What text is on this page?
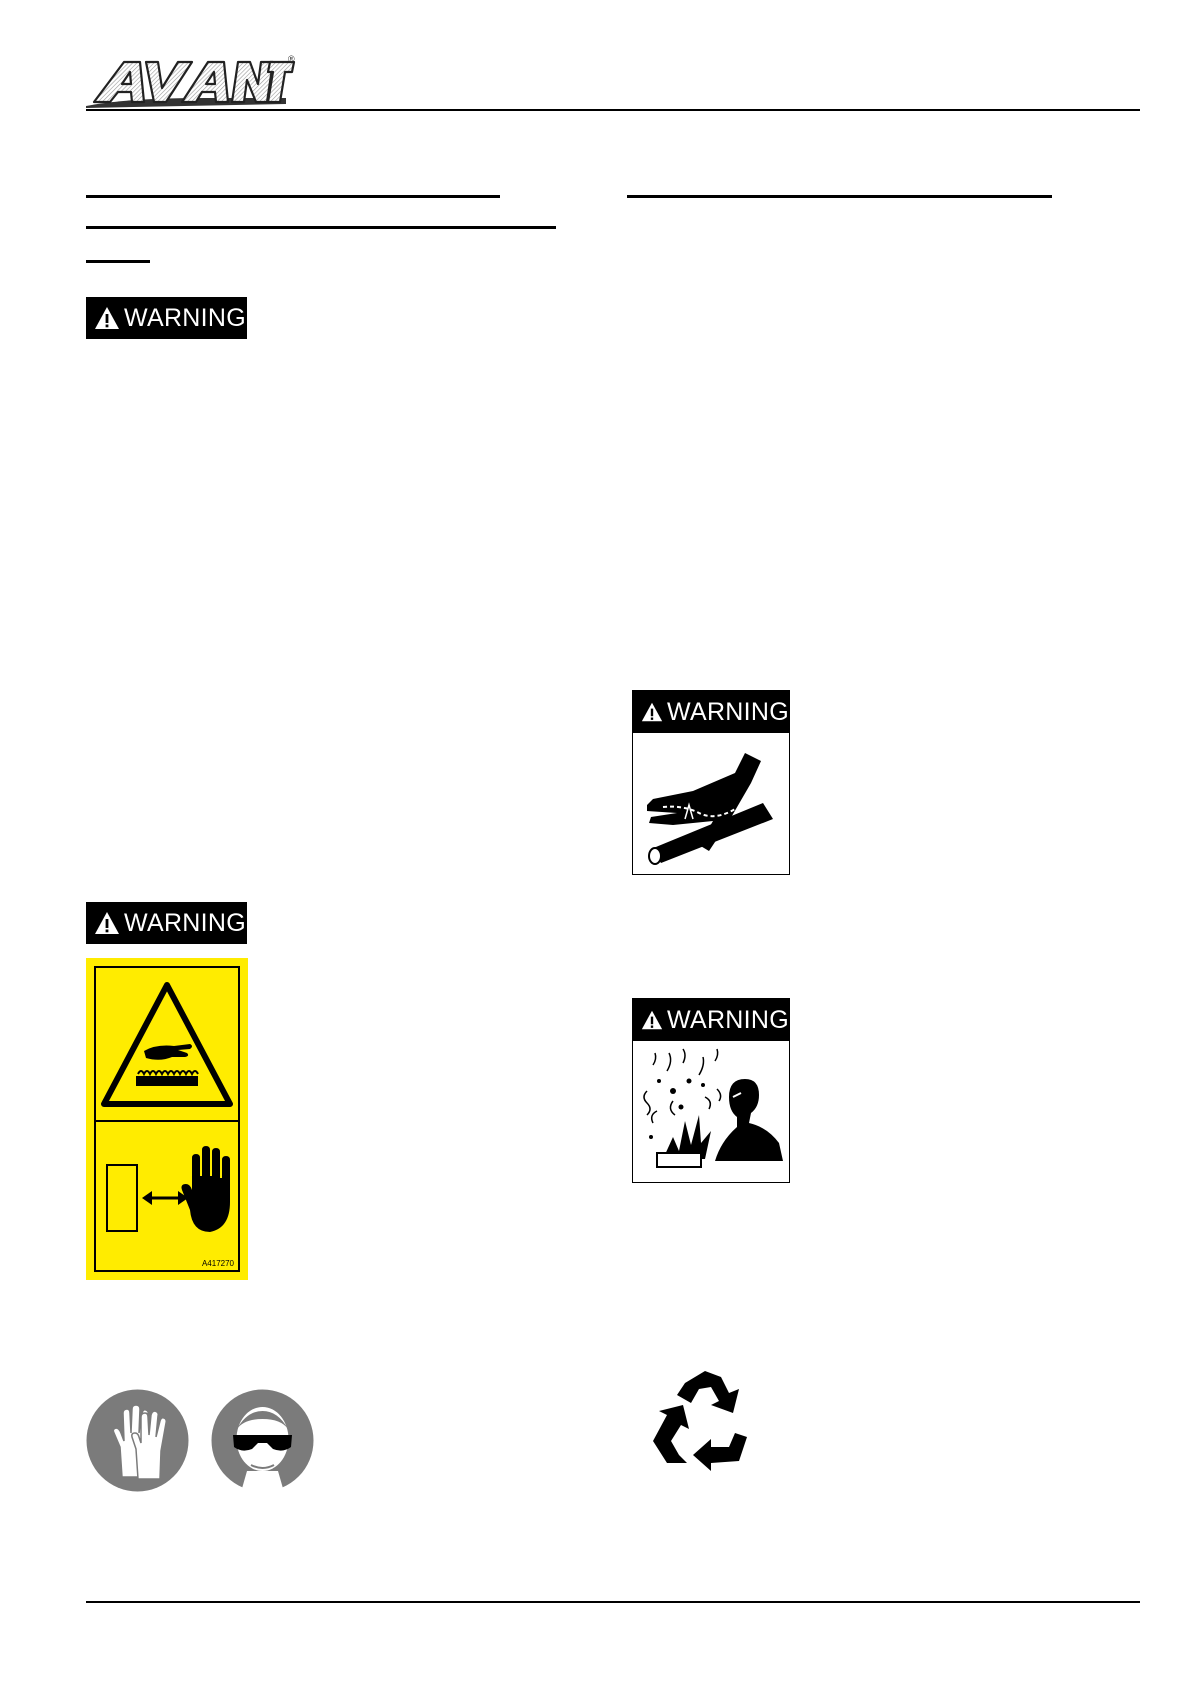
®
WARNING
WARNING
A417270
WARNING
WARNING
